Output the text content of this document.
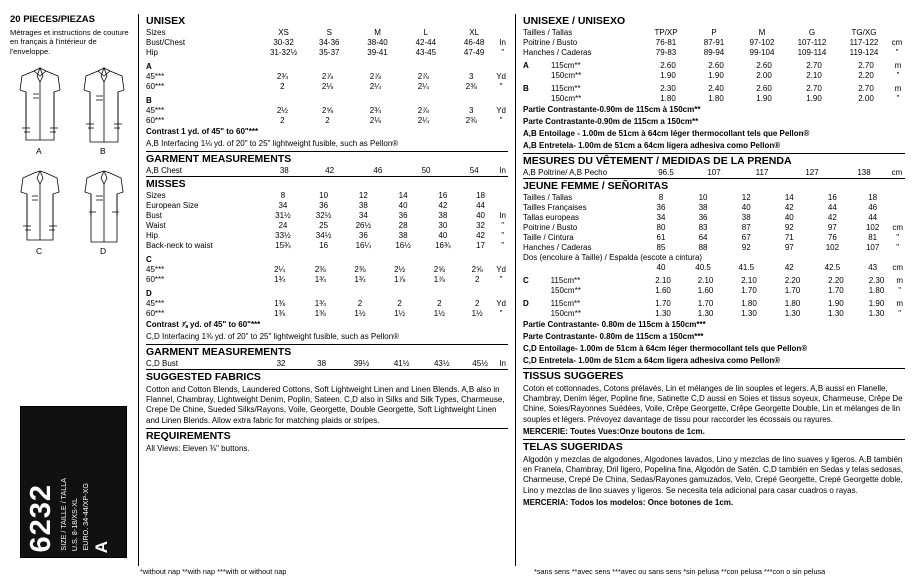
20 PIECES/PIEZAS
Métrages et instructions de couture en français à l'intérieur de l'enveloppe.
A	B
C	D
6232 SIZE / TAILLE / TALLA U.S. 8-18/XS-XL EURO. 34-44/XP-XG A
UNISEX
Sizes	XS	S	M	L	XL	
Bust/Chest	30-32	34-36	38-40	42-44	46-48	In
Hip	31-32½	35-37	39-41	43-45	47-49	"
A						
45***	2¾	2⅞	2⅞	2⅞	3	Yd
60***	2	2⅛	2¼	2¼	2⅜	"
B						
45***	2½	2⅝	2¾	2⅞	3	Yd
60***	2	2	2⅛	2¼	2⅜	"
Contrast 1 yd. of 45" to 60"***
A,B Interfacing 1⅛ yd. of 20" to 25" lightweight fusible, such as Pellon®
GARMENT MEASUREMENTS
A,B Chest	38	42	46	50	54	In
MISSES
Sizes	8	10	12	14	16	18	
European Size	34	36	38	40	42	44	
Bust	31½	32½	34	36	38	40	In
Waist	24	25	26½	28	30	32	"
Hip	33½	34½	36	38	40	42	"
Back-neck to waist	15¾	16	16¼	16½	16¾	17	"
C							
45***	2¼	2⅜	2⅜	2½	2⅝	2⅝	Yd
60***	1¾	1¾	1¾	1⅞	1⅞	2	"
D							
45***	1⅜	1¾	2	2	2	2	Yd
60***	1⅜	1⅜	1½	1½	1½	1½	"
Contrast ⅞ yd. of 45" to 60"***
C,D Interfacing 1⅜ yd. of 20" to 25" lightweight fusible, such as Pellon®
GARMENT MEASUREMENTS
C,D Bust	32	38	39½	41½	43½	45½	In
SUGGESTED FABRICS
Cotton and Cotton Blends, Laundered Cottons, Soft Lightweight Linen and Linen Blends. A,B also in Flannel, Chambray, Lightweight Denim, Poplin, Sateen. C,D also in Silks and Silk Types, Charmeuse, Crepe De Chine, Sueded Silks/Rayons, Voile, Georgette, Double Georgette, Soft Lightweight Linen and Linen Blends. Allow extra fabric for matching plaids or stripes.
REQUIREMENTS
All Views: Eleven ⅜" buttons.
UNISEXE / UNISEXO
Tailles / Tallas	TP/XP	P	M	G	TG/XG	
Poitrine / Busto	76-81	87-91	97-102	107-112	117-122	cm
Hanches / Caderas	79-83	89-94	99-104	109-114	119-124	"
A	115cm**	2.60	2.60	2.60	2.70	2.70	m
	150cm**	1.90	1.90	2.00	2.10	2.20	"
B	115cm**	2.30	2.40	2.60	2.70	2.70	m
	150cm**	1.80	1.80	1.90	1.90	2.00	"
Partie Contrastante-0.90m de 115cm à 150cm**
Parte Contrastante-0.90m de 115cm a 150cm**
A,B Entoilage - 1.00m de 51cm à 64cm léger thermocollant tels que Pellon®
A,B Entretela- 1.00m de 51cm a 64cm ligera adhesiva como Pellon®
MESURES DU VÊTEMENT / MEDIDAS DE LA PRENDA
A,B Poitrine/ A,B Pecho	96.5	107	117	127	138	cm
JEUNE FEMME / SEÑORITAS
Tailles / Tallas	8	10	12	14	16	18	
Tailles Françaises	36	38	40	42	44	46	
Tallas europeas	34	36	38	40	42	44	
Poitrine / Busto	80	83	87	92	97	102	cm
Taille / Cintura	61	64	67	71	76	81	"
Hanches / Caderas	85	88	92	97	102	107	"
Dos (encolure à Taille) / Espalda (escote a cintura)							
	40	40.5	41.5	42	42.5	43	cm
C	115cm**	2.10	2.10	2.10	2.20	2.20	2.30	m
	150cm**	1.60	1.60	1.70	1.70	1.70	1.80	"
D	115cm**	1.70	1.70	1.80	1.80	1.90	1.90	m
	150cm**	1.30	1.30	1.30	1.30	1.30	1.30	"
Partie Contrastante- 0.80m de 115cm à 150cm***
Parte Contrastante- 0.80m de 115cm a 150cm***
C,D Entoilage- 1.00m de 51cm à 64cm léger thermocollant tels que Pellon®
C,D Entretela- 1.00m de 51cm a 64cm ligera adhesiva como Pellon®
TISSUS SUGGERES
Coton et cottonnades, Cotons prélavés, Lin et mélanges de lin souples et legers. A,B aussi en Flanelle, Chambray, Denim léger, Popline fine, Satinette C,D aussi en Soies et tissus soyeux, Charmeuse, Crêpe De Chine, Soies/Rayonnes Suédées, Voile, Crêpe Georgette, Crêpe Georgette Double, Lin et mélanges de lin souples et légers. Prévoyez davantage de tissu pour raccorder les écossais ou rayures.
MERCERIE: Toutes Vues:Onze boutons de 1cm.
TELAS SUGERIDAS
Algodón y mezclas de algodones, Algodones lavados, Lino y mezclas de lino suaves y ligeros. A,B también en Franela, Chambray, Dril ligero, Popelina fina, Algodón de Satén. C,D también en Sedas y telas sedosas, Charmeuse, Crepé De China, Sedas/Rayones gamuzados, Velo, Crepé Georgette, Crepé Georgette doble, Lino y mezclas de lino suaves y ligeros. Se necesita tela adicional para casar cuadros o rayas.
MERCERIA: Todos los modelos: Once botones de 1cm.
*without nap **with nap ***with or without nap	*sans sens **avec sens ***avec ou sans sens *sin pelusa **con pelusa ***con o sin pelusa
